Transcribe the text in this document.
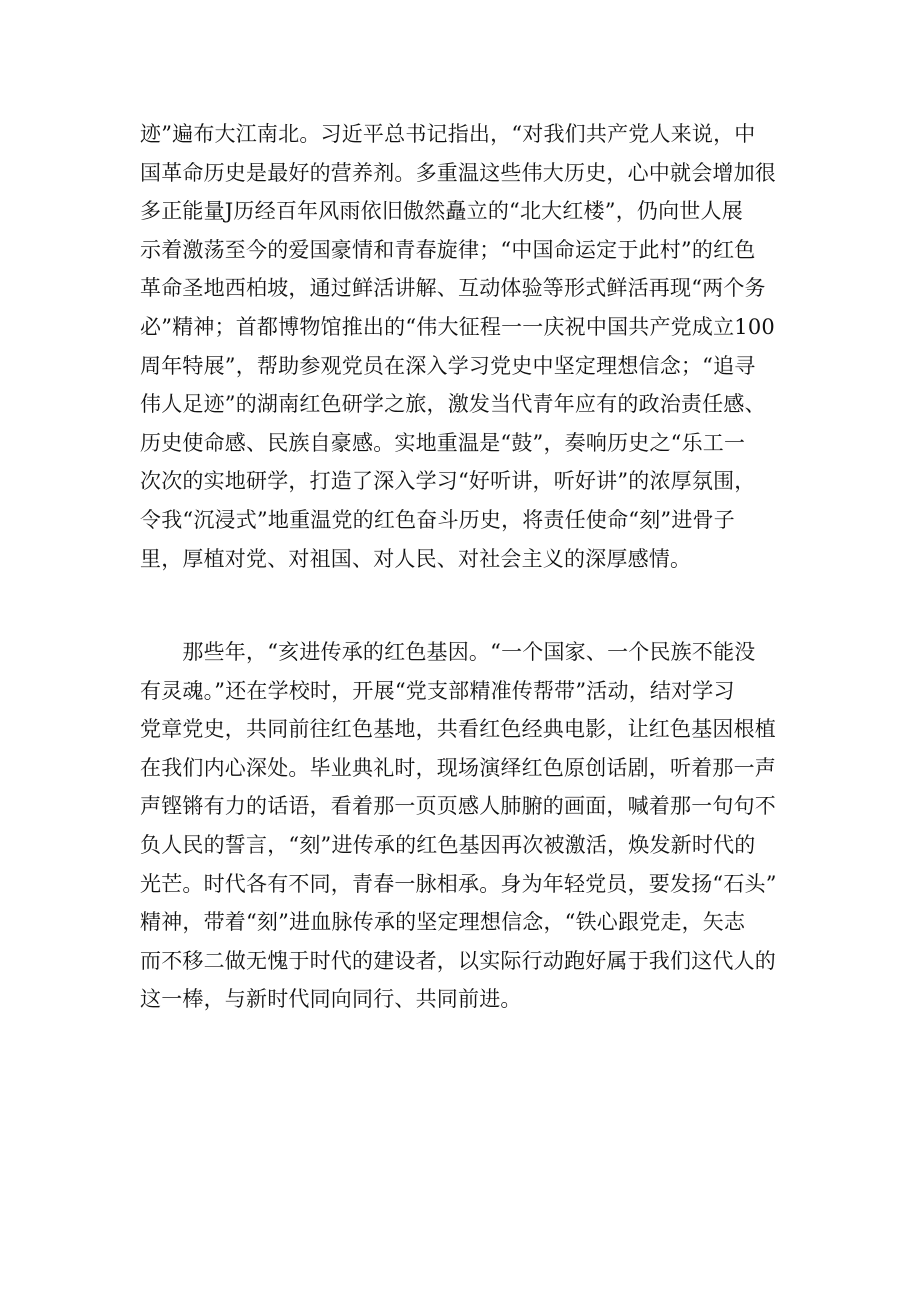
迹”遍布大江南北。习近平总书记指出，“对我们共产党人来说，中
国革命历史是最好的营养剂。多重温这些伟大历史，心中就会增加很
多正能量J历经百年风雨依旧傲然矗立的“北大红楼”，仍向世人展
示着激荡至今的爱国豪情和青春旋律；“中国命运定于此村”的红色
革命圣地西柏坡，通过鲜活讲解、互动体验等形式鲜活再现“两个务
必”精神；首都博物馆推出的“伟大征程一一庆祝中国共产党成立100
周年特展”，帮助参观党员在深入学习党史中坚定理想信念；“追寻
伟人足迹”的湖南红色研学之旅，激发当代青年应有的政治责任感、
历史使命感、民族自豪感。实地重温是“鼓”，奏响历史之“乐工一
次次的实地研学，打造了深入学习“好听讲，听好讲”的浓厚氛围，
令我“沉浸式”地重温党的红色奋斗历史，将责任使命“刻”进骨子
里，厚植对党、对祖国、对人民、对社会主义的深厚感情。
　　那些年，“亥进传承的红色基因。“一个国家、一个民族不能没
有灵魂。”还在学校时，开展“党支部精准传帮带”活动，结对学习
党章党史，共同前往红色基地，共看红色经典电影，让红色基因根植
在我们内心深处。毕业典礼时，现场演绎红色原创话剧，听着那一声
声铿锵有力的话语，看着那一页页感人肺腑的画面，喊着那一句句不
负人民的誓言，“刻”进传承的红色基因再次被激活，焕发新时代的
光芒。时代各有不同，青春一脉相承。身为年轻党员，要发扬“石头”
精神，带着“刻”进血脉传承的坚定理想信念，“铁心跟党走，矢志
而不移二做无愧于时代的建设者，以实际行动跑好属于我们这代人的
这一棒，与新时代同向同行、共同前进。
